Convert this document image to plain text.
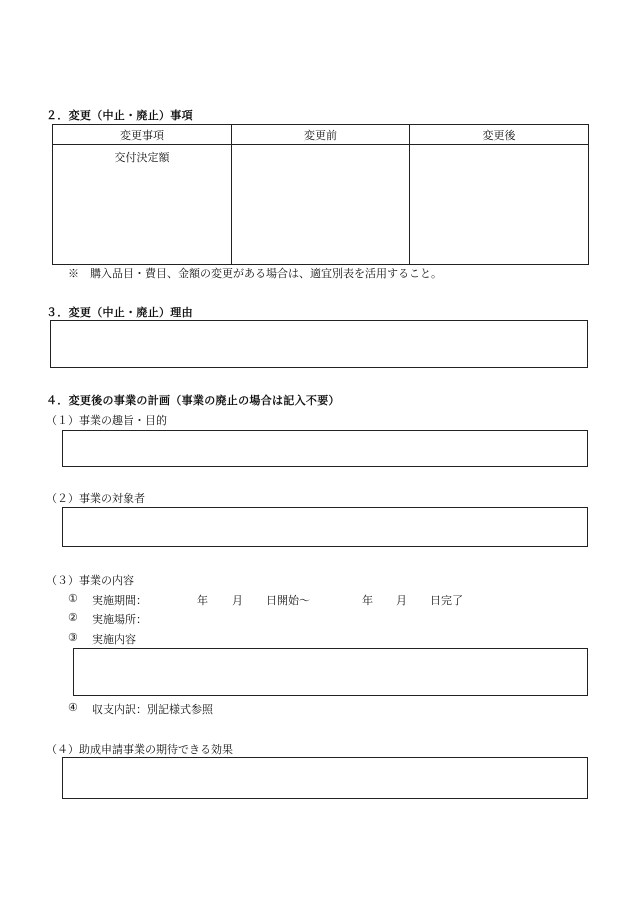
２．変更（中止・廃止）事項
変更事項	変更前	変更後
交付決定額		
※　購入品目・費目、金額の変更がある場合は、適宜別表を活用すること。
３．変更（中止・廃止）理由
４．変更後の事業の計画（事業の廃止の場合は記入不要）
（１）事業の趣旨・目的
（２）事業の対象者
（３）事業の内容
① 実施期間：	年 月 日開始～	年 月 日完了
② 実施場所：
③ 実施内容
④ 収支内訳：別記様式参照
（４）助成申請事業の期待できる効果
